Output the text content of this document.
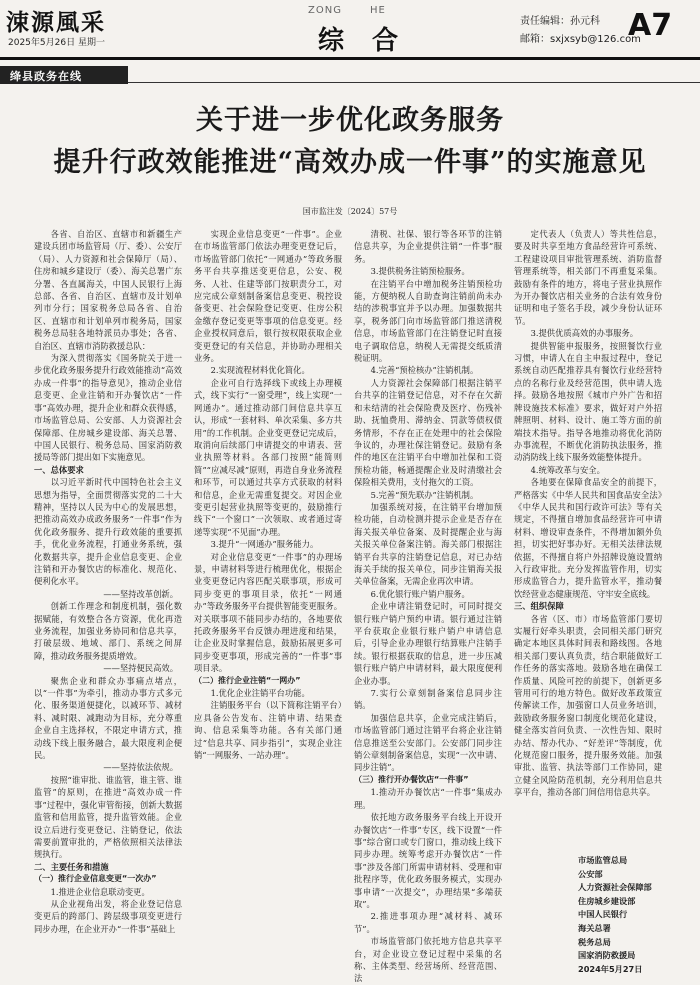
涑源風采
2025年5月26日 星期一
ZONG	HE
综合
责任编辑：孙元科
邮箱：sxjxsyb@126.com
A7
绛县政务在线
关于进一步优化政务服务
提升行政效能推进“高效办成一件事”的实施意见
国市监注发〔2024〕57号

各省、自治区、直辖市和新疆生产建设兵团市场监管局（厅、委）、公安厅（局）、人力资源和社会保障厅（局）、住房和城乡建设厅（委）、海关总署广东分署、各直属海关，中国人民银行上海总部、各省、自治区、直辖市及计划单列市分行；国家税务总局各省、自治区、直辖市和计划单列市税务局，国家税务总局驻各地特派员办事处；各省、自治区、直辖市消防救援总队：

为深入贯彻落实《国务院关于进一步优化政务服务提升行政效能推动“高效办成一件事”的指导意见》，推动企业信息变更、企业注销和开办餐饮店“一件事”高效办理，提升企业和群众获得感，市场监管总局、公安部、人力资源社会保障部、住房城乡建设部、海关总署、中国人民银行、税务总局、国家消防救援局等部门提出如下实施意见。

一、总体要求

以习近平新时代中国特色社会主义思想为指导，全面贯彻落实党的二十大精神，坚持以人民为中心的发展思想，把推动高效办成政务服务“一件事”作为优化政务服务、提升行政效能的重要抓手，优化业务流程，打通业务系统，强化数据共享，提升企业信息变更、企业注销和开办餐饮店的标准化、规范化、便利化水平。

——坚持改革创新。

创新工作理念和制度机制，强化数据赋能，有效整合各方资源，优化再造业务流程，加强业务协同和信息共享，打破层级、地域、部门、系统之间屏障，推动政务服务提质增效。

——坚持便民高效。

聚焦企业和群众办事痛点堵点，以“一件事”为牵引，推动办事方式多元化、服务渠道便捷化，以减环节、减材料、减时限、减跑动为目标，充分尊重企业自主选择权，不限定申请方式，推动线下线上服务融合，最大限度利企便民。

——坚持依法依规。

按照“谁审批、谁监管，谁主管、谁监管”的原则，在推进“高效办成一件事”过程中，强化审管衔接，创新大数据监管和信用监管，提升监管效能。企业设立后进行变更登记、注销登记，依法需要前置审批的，严格依照相关法律法规执行。

二、主要任务和措施

（一）推行企业信息变更“一次办”

1.推进企业信息联动变更。

从企业视角出发，将企业登记信息变更后的跨部门、跨层级事项变更进行同步办理，在企业开办“一件事”基础上

实现企业信息变更“一件事”。企业在市场监管部门依法办理变更登记后，市场监管部门依托“一网通办”等政务服务平台共享推送变更信息，公安、税务、人社、住建等部门按职责分工，对应完成公章刻制备案信息变更、税控设备变更、社会保险登记变更、住房公积金缴存登记变更等事项的信息变更。经企业授权同意后，银行按权限获取企业变更登记的有关信息，并协助办理相关业务。

2.实现流程材料优化简化。

企业可自行选择线下或线上办理模式，线下实行“一窗受理”，线上实现“一网通办”。通过推动部门间信息共享互认，形成“一套材料、单次采集、多方共用”的工作机制。企业变更登记完成后，取消向后续部门申请提交的申请表、营业执照等材料。各部门按照“能简则简”“应减尽减”原则，再造自身业务流程和环节，可以通过共享方式获取的材料和信息，企业无需重复提交。对因企业变更引起营业执照等变更的，鼓励推行线下“一个窗口”一次领取、或者通过寄递等实现“不见面”办理。

3.提升“一网通办”服务能力。

对企业信息变更“一件事”的办理场景，申请材料等进行梳理优化，根据企业变更登记内容匹配关联事项，形成可同步变更的事项目录，依托“一网通办”等政务服务平台提供智能变更服务。对关联事项不能同步办结的，各地要依托政务服务平台反馈办理进度和结果，让企业及时掌握信息，鼓励拓展更多可同步变更事项，形成完善的“一件事”事项目录。

（二）推行企业注销“一网办”

1.优化企业注销平台功能。

注销服务平台（以下简称注销平台）应具备公告发布、注销申请、结果查询、信息采集等功能。各有关部门通过“信息共享、同步指引”，实现企业注销“一网服务、一站办理”。

清税、社保、银行等各环节的注销信息共享，为企业提供注销“一件事”服务。

3.提供税务注销预检服务。

在注销平台中增加税务注销预检功能，方便纳税人自助查询注销前尚未办结的涉税事宜并予以办理。加强数据共享，税务部门向市场监管部门推送清税信息，市场监管部门在注销登记时直接电子调取信息，纳税人无需提交纸质清税证明。

4.完善“预检核办”注销机制。

人力资源社会保障部门根据注销平台共享的注销登记信息，对不存在欠薪和未结清的社会保险费及医疗、伤残补助、抚恤费用、滞纳金、罚款等债权债务情形，不存在正在处理中的社会保险争议的，办理社保注销登记。鼓励有条件的地区在注销平台中增加社保和工资预检功能，畅通提醒企业及时清缴社会保险相关费用，支付拖欠的工资。

5.完善“预先联办”注销机制。

加强系统对接，在注销平台增加预检功能，自动检测并提示企业是否存在海关报关单位备案、及时提醒企业与海关报关单位备案注销。海关部门根据注销平台共享的注销登记信息，对已办结海关手续的报关单位，同步注销海关报关单位备案，无需企业再次申请。

6.优化银行账户销户服务。

企业申请注销登记时，可同时提交银行账户销户预约申请。银行通过注销平台获取企业银行账户销户申请信息后，引导企业办理银行结算账户注销手续。银行根据获取的信息，进一步压减银行账户销户申请材料，最大限度便利企业办事。

7.实行公章刻制备案信息同步注销。

加强信息共享，企业完成注销后，市场监管部门通过注销平台将企业注销信息推送至公安部门。公安部门同步注销公章刻制备案信息，实现“一次申请、同步注销”。

（三）推行开办餐饮店“一件事”

1.推动开办餐饮店“一件事”集成办理。

依托地方政务服务平台线上开设开办餐饮店“一件事”专区，线下设置“一件事”综合窗口或专门窗口，推动线上线下同步办理。统筹考虑开办餐饮店“一件事”涉及各部门所需申请材料、受理和审批程序等，优化政务服务模式，实现办事申请“一次提交”，办理结果“多端获取”。

2.推进事项办理“减材料、减环节”。

市场监管部门依托地方信息共享平台，对企业设立登记过程中采集的名称、主体类型、经营场所、经营范围、法

定代表人（负责人）等共性信息，要及时共享至地方食品经营许可系统、工程建设项目审批管理系统、消防监督管理系统等，相关部门不再重复采集。鼓励有条件的地方，将电子营业执照作为开办餐饮店相关业务的合法有效身份证明和电子签名手段，减少身份认证环节。

3.提供优质高效的办事服务。

提供智能申报服务，按照餐饮行业习惯，申请人在自主申报过程中，登记系统自动匹配推荐具有餐饮行业经营特点的名称行业及经营范围，供申请人选择。鼓励各地按照《城市户外广告和招牌设施技术标准》要求，做好对户外招牌照明、材料、设计、施工等方面的前端技术指导。指导各地推动将优化消防办事流程，不断优化消防执法服务，推动消防线上线下服务效能整体提升。

4.统筹改革与安全。

各地要在保障食品安全的前提下，严格落实《中华人民共和国食品安全法》《中华人民共和国行政许可法》等有关规定，不得擅自增加食品经营许可申请材料、增设审查条件，不得增加额外负担，切实把好事办好。无相关法律法规依据，不得擅自将户外招牌设施设置纳入行政审批。充分发挥监管作用，切实形成监管合力，提升监管水平，推动餐饮经营业态健康规范、守牢安全底线。

三、组织保障

各省（区、市）市场监管部门要切实履行好牵头职责，会同相关部门研究确定本地区具体时间表和路线图。各地相关部门要认真负责，结合职能做好工作任务的落实落地。鼓励各地在确保工作质量、风险可控的前提下，创新更多管用可行的地方特色。做好改革政策宣传解读工作，加强窗口人员业务培训，鼓励政务服务窗口制度化规范化建设，健全落实首问负责、一次性告知、限时办结、帮办代办、“好差评”等制度，优化规范窗口服务，提升服务效能。加强审批、监管、执法等部门工作协同，建立健全风险防范机制，充分利用信息共享平台，推动各部门间信用信息共享。

市场监管总局
公安部
人力资源社会保障部
住房城乡建设部
中国人民银行
海关总署
税务总局
国家消防救援局
2024年5月27日
